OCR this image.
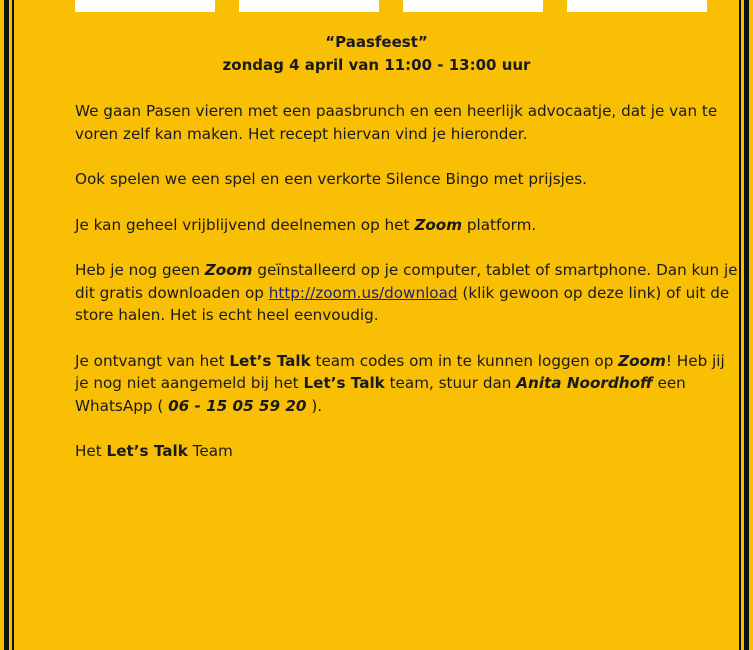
“Paasfeest”
zondag 4 april van 11:00 - 13:00 uur

We gaan Pasen vieren met een paasbrunch en een heerlijk advocaatje, dat je van te voren zelf kan maken. Het recept hiervan vind je hieronder.

Ook spelen we een spel en een verkorte Silence Bingo met prijsjes.

Je kan geheel vrijblijvend deelnemen op het Zoom platform.

Heb je nog geen Zoom geïnstalleerd op je computer, tablet of smartphone. Dan kun je dit gratis downloaden op http://zoom.us/download (klik gewoon op deze link) of uit de store halen. Het is echt heel eenvoudig.

Je ontvangt van het Let’s Talk team codes om in te kunnen loggen op Zoom! Heb jij je nog niet aangemeld bij het Let’s Talk team, stuur dan Anita Noordhoff een WhatsApp ( 06 - 15 05 59 20 ).

Het Let’s Talk Team
